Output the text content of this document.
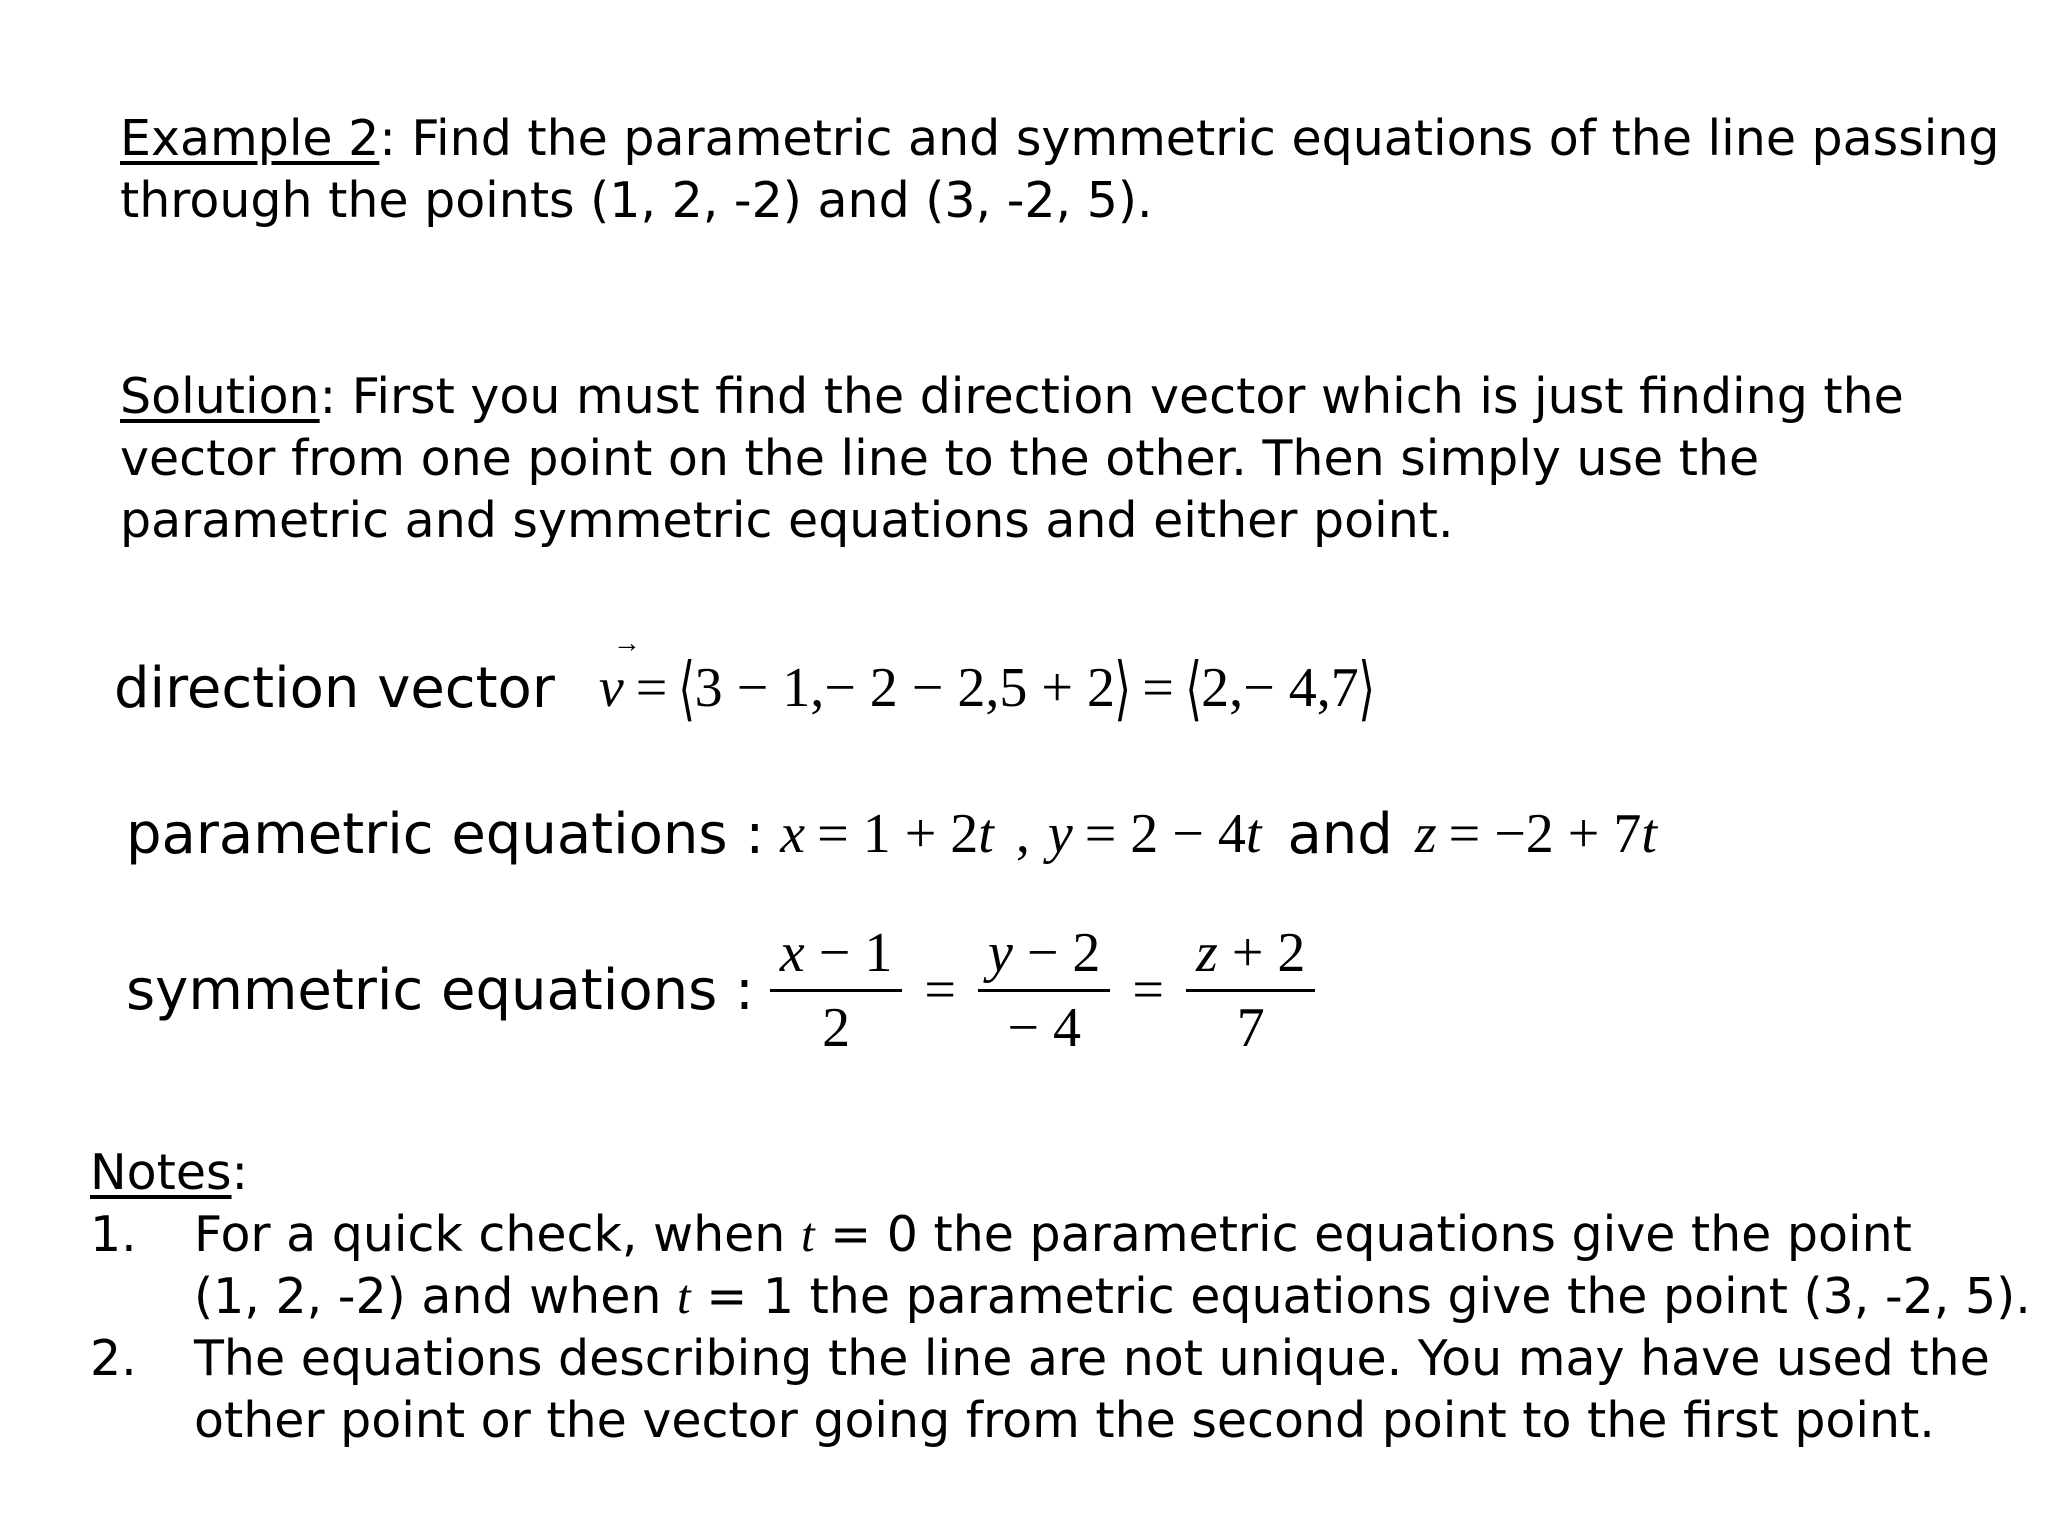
Example 2: Find the parametric and symmetric equations of the line passing
through the points (1, 2, -2) and (3, -2, 5).
Solution: First you must find the direction vector which is just finding the
vector from one point on the line to the other. Then simply use the
parametric and symmetric equations and either point.
direction vector
→
v = ⟨ 3 − 1,− 2 − 2,5 + 2 ⟩ = ⟨ 2,− 4,7 ⟩
parametric equations : x = 1 + 2 t , y = 2 − 4 t and z = −2 + 7 t
symmetric equations : $\frac{x - 1}{2} = \frac{y - 2}{- 4} = \frac{z + 2}{7}$
Notes:
1.	For a quick check, when t = 0 the parametric equations give the point
(1, 2, -2) and when t = 1 the parametric equations give the point (3, -2, 5).
2.	The equations describing the line are not unique. You may have used the
other point or the vector going from the second point to the first point.
